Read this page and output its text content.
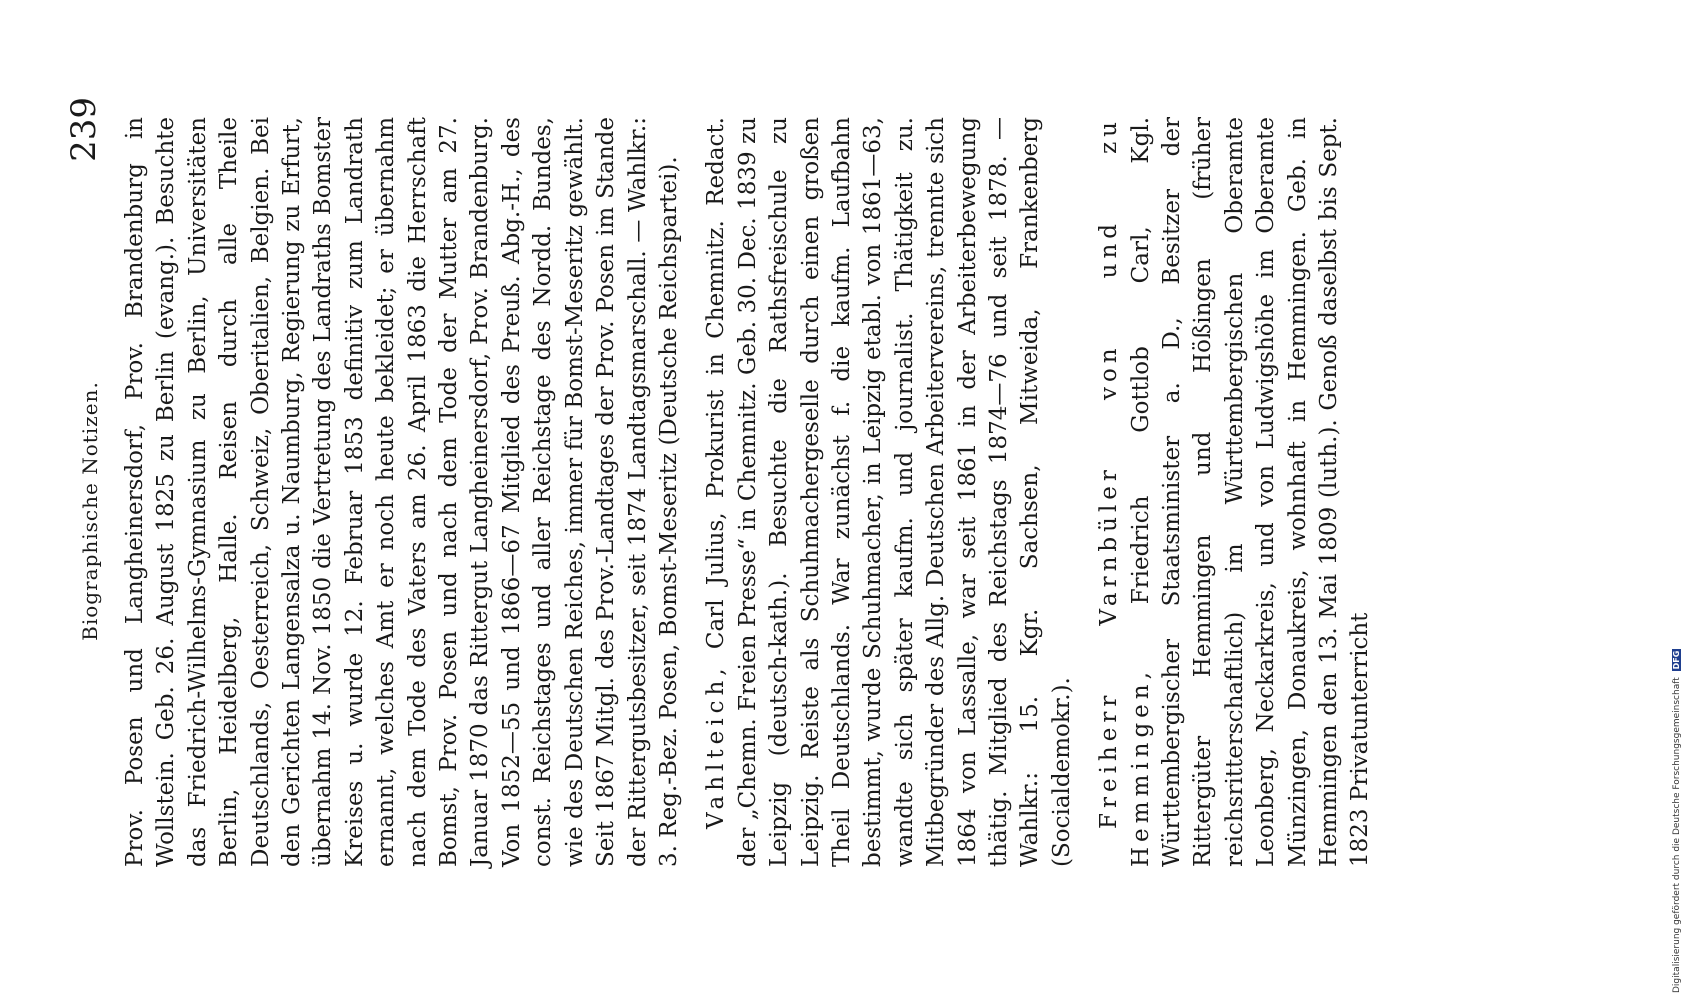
Biographische Notizen.
239 Prov. Posen und Langheinersdorf, Prov. Brandenburg in Wollstein. Geb. 26. August 1825 zu Berlin (evang.). Besuchte das Friedrich-Wilhelms-Gymnasium zu Berlin, Universitäten Berlin, Heidelberg, Halle. Reisen durch alle Theile Deutschlands, Oesterreich, Schweiz, Oberitalien, Belgien. Bei den Gerichten Langensalza u. Naumburg, Regierung zu Erfurt, übernahm 14. Nov. 1850 die Vertretung des Landraths Bomster Kreises u. wurde 12. Februar 1853 definitiv zum Landrath ernannt, welches Amt er noch heute bekleidet; er übernahm nach dem Tode des Vaters am 26. April 1863 die Herrschaft Bomst, Prov. Posen und nach dem Tode der Mutter am 27. Januar 1870 das Rittergut Langheinersdorf, Prov. Brandenburg. Von 1852—55 und 1866—67 Mitglied des Preuß. Abg.-H., des const. Reichstages und aller Reichstage des Nordd. Bundes, wie des Deutschen Reiches, immer für Bomst-Meseritz gewählt. Seit 1867 Mitgl. des Prov.-Landtages der Prov. Posen im Stande der Rittergutsbesitzer, seit 1874 Landtagsmarschall. — Wahlkr.: 3. Reg.-Bez. Posen, Bomst-Meseritz (Deutsche Reichspartei). Vahlteich, Carl Julius, Prokurist in Chemnitz. Redact. der „Chemn. Freien Presse“ in Chemnitz. Geb. 30. Dec. 1839 zu Leipzig (deutsch-kath.). Besuchte die Rathsfreischule zu Leipzig. Reiste als Schuhmachergeselle durch einen großen Theil Deutschlands. War zunächst f. die kaufm. Laufbahn bestimmt, wurde Schuhmacher, in Leipzig etabl. von 1861—63, wandte sich später kaufm. und journalist. Thätigkeit zu. Mitbegründer des Allg. Deutschen Arbeitervereins, trennte sich 1864 von Lassalle, war seit 1861 in der Arbeiterbewegung thätig. Mitglied des Reichstags 1874—76 und seit 1878. — Wahlkr.: 15. Kgr. Sachsen, Mitweida, Frankenberg (Socialdemokr.). Freiherr Varnbüler von und zu Hemmingen, Friedrich Gottlob Carl, Kgl. Württembergischer Staatsminister a. D., Besitzer der Rittergüter Hemmingen und Hößingen (früher reichsritterschaftlich) im Württembergischen Oberamte Leonberg, Neckarkreis, und von Ludwigshöhe im Oberamte Münzingen, Donaukreis, wohnhaft in Hemmingen. Geb. in Hemmingen den 13. Mai 1809 (luth.). Genoß daselbst bis Sept. 1823 Privatunterricht	Digitalisierung gefördert durch die Deutsche Forschungsgemeinschaft DFG
